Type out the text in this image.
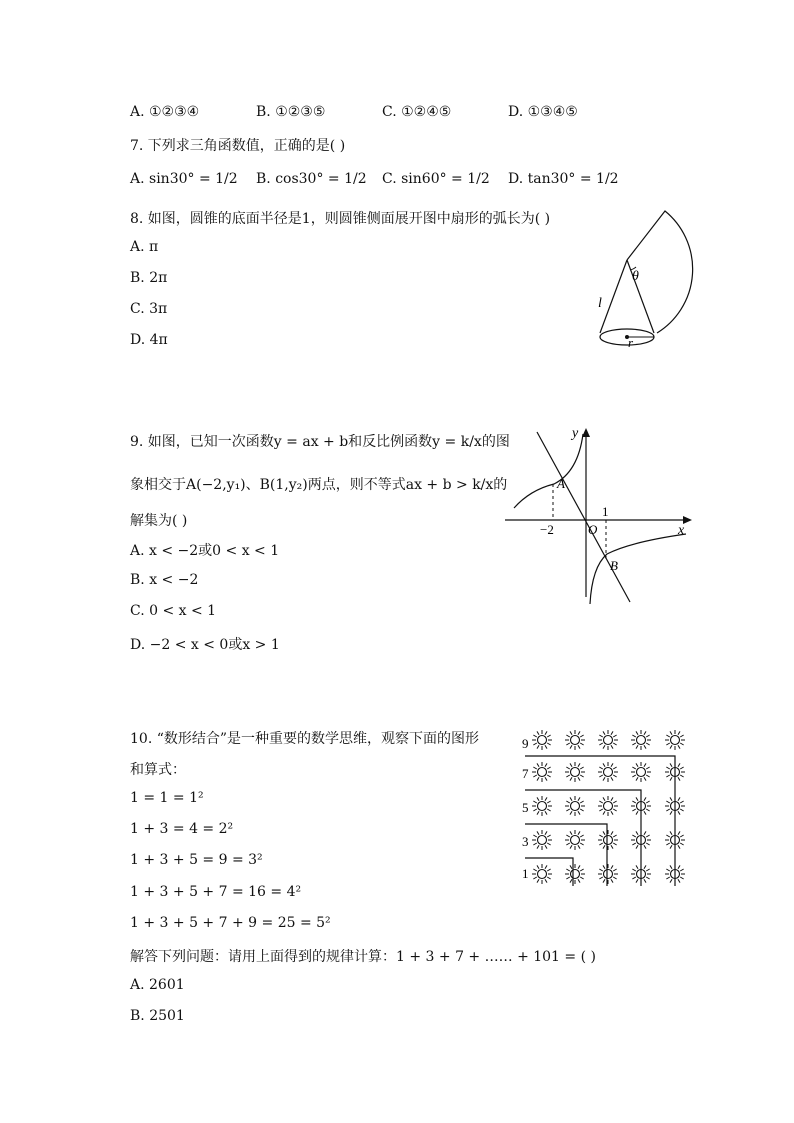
A. ①②③④	B. ①②③⑤	C. ①②④⑤	D. ①③④⑤
7. 下列求三角函数值，正确的是( )
A. sin30° = 1/2 B. cos30° = 1/2 C. sin60° = 1/2 D. tan30° = 1/2
8. 如图，圆锥的底面半径是1，则圆锥侧面展开图中扇形的弧长为( )
A. π
B. 2π
C. 3π
D. 4π
θ
l
r
9. 如图，已知一次函数y = ax + b和反比例函数y = k/x的图
象相交于A(−2,y₁)、B(1,y₂)两点，则不等式ax + b > k/x的
解集为( )
A. x < −2或0 < x < 1
B. x < −2
C. 0 < x < 1
D. −2 < x < 0或x > 1
y
x
A
B
O
−2
1
10. “数形结合”是一种重要的数学思维，观察下面的图形
和算式：
1 = 1 = 1²
1 + 3 = 4 = 2²
1 + 3 + 5 = 9 = 3²
1 + 3 + 5 + 7 = 16 = 4²
1 + 3 + 5 + 7 + 9 = 25 = 5²
解答下列问题：请用上面得到的规律计算：1 + 3 + 7 + …… + 101 = ( )
A. 2601
B. 2501
9
7
5
3
1
